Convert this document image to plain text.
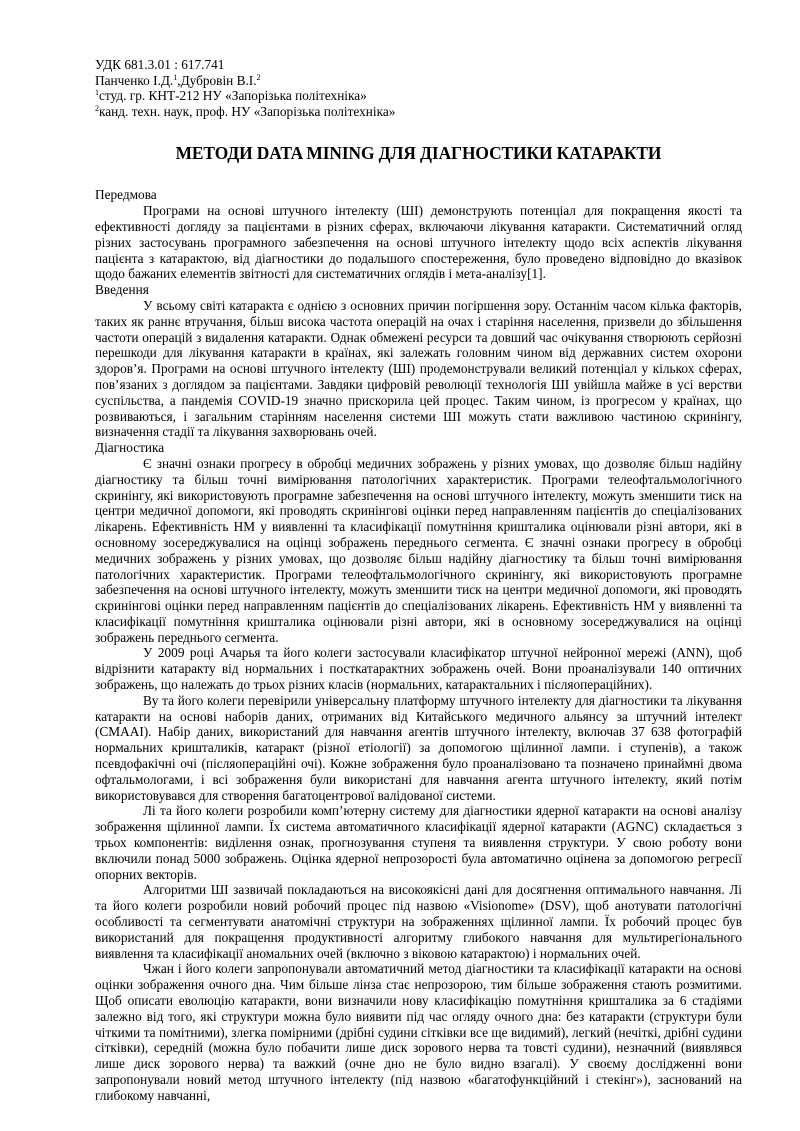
УДК 681.3.01 : 617.741
Панченко І.Д.$^1$,Дубровін В.І.$^2$
$^1$студ. гр. КНТ-212 НУ «Запорізька політехніка»
$^2$канд. техн. наук, проф. НУ «Запорізька політехніка»
МЕТОДИ DATA MINING ДЛЯ ДІАГНОСТИКИ КАТАРАКТИ
Передмова

Програми на основі штучного інтелекту (ШІ) демонструють потенціал для покращення якості та ефективності догляду за пацієнтами в різних сферах, включаючи лікування катаракти. Систематичний огляд різних застосувань програмного забезпечення на основі штучного інтелекту щодо всіх аспектів лікування пацієнта з катарактою, від діагностики до подальшого спостереження, було проведено відповідно до вказівок щодо бажаних елементів звітності для систематичних оглядів і мета-аналізу[1].

Введення

У всьому світі катаракта є однією з основних причин погіршення зору. Останнім часом кілька факторів, таких як раннє втручання, більш висока частота операцій на очах і старіння населення, призвели до збільшення частоти операцій з видалення катаракти. Однак обмежені ресурси та довший час очікування створюють серйозні перешкоди для лікування катаракти в країнах, які залежать головним чином від державних систем охорони здоров’я. Програми на основі штучного інтелекту (ШІ) продемонстрували великий потенціал у кількох сферах, пов’язаних з доглядом за пацієнтами. Завдяки цифровій революції технологія ШІ увійшла майже в усі верстви суспільства, а пандемія COVID-19 значно прискорила цей процес. Таким чином, із прогресом у країнах, що розвиваються, і загальним старінням населення системи ШІ можуть стати важливою частиною скринінгу, визначення стадії та лікування захворювань очей.

Діагностика

Є значні ознаки прогресу в обробці медичних зображень у різних умовах, що дозволяє більш надійну діагностику та більш точні вимірювання патологічних характеристик. Програми телеофтальмологічного скринінгу, які використовують програмне забезпечення на основі штучного інтелекту, можуть зменшити тиск на центри медичної допомоги, які проводять скринінгові оцінки перед направленням пацієнтів до спеціалізованих лікарень. Ефективність НМ у виявленні та класифікації помутніння кришталика оцінювали різні автори, які в основному зосереджувалися на оцінці зображень переднього сегмента. Є значні ознаки прогресу в обробці медичних зображень у різних умовах, що дозволяє більш надійну діагностику та більш точні вимірювання патологічних характеристик. Програми телеофтальмологічного скринінгу, які використовують програмне забезпечення на основі штучного інтелекту, можуть зменшити тиск на центри медичної допомоги, які проводять скринінгові оцінки перед направленням пацієнтів до спеціалізованих лікарень. Ефективність НМ у виявленні та класифікації помутніння кришталика оцінювали різні автори, які в основному зосереджувалися на оцінці зображень переднього сегмента.

У 2009 році Ачарья та його колеги застосували класифікатор штучної нейронної мережі (ANN), щоб відрізнити катаракту від нормальних і посткатарактних зображень очей. Вони проаналізували 140 оптичних зображень, що належать до трьох різних класів (нормальних, катарактальних і післяопераційних).

Ву та його колеги перевірили універсальну платформу штучного інтелекту для діагностики та лікування катаракти на основі наборів даних, отриманих від Китайського медичного альянсу за штучний інтелект (CMAAI). Набір даних, використаний для навчання агентів штучного інтелекту, включав 37 638 фотографій нормальних кришталиків, катаракт (різної етіології) за допомогою щілинної лампи. і ступенів), а також псевдофакічні очі (післяопераційні очі). Кожне зображення було проаналізовано та позначено принаймні двома офтальмологами, і всі зображення були використані для навчання агента штучного інтелекту, який потім використовувався для створення багатоцентрової валідованої системи.

Лі та його колеги розробили комп’ютерну систему для діагностики ядерної катаракти на основі аналізу зображення щілинної лампи. Їх система автоматичного класифікації ядерної катаракти (AGNC) складається з трьох компонентів: виділення ознак, прогнозування ступеня та виявлення структури. У свою роботу вони включили понад 5000 зображень. Оцінка ядерної непрозорості була автоматично оцінена за допомогою регресії опорних векторів.

Алгоритми ШІ зазвичай покладаються на високоякісні дані для досягнення оптимального навчання. Лі та його колеги розробили новий робочий процес під назвою «Visionome» (DSV), щоб анотувати патологічні особливості та сегментувати анатомічні структури на зображеннях щілинної лампи. Їх робочий процес був використаний для покращення продуктивності алгоритму глибокого навчання для мультирегіонального виявлення та класифікації аномальних очей (включно з віковою катарактою) і нормальних очей.

Чжан і його колеги запропонували автоматичний метод діагностики та класифікації катаракти на основі оцінки зображення очного дна. Чим більше лінза стає непрозорою, тим більше зображення стають розмитими. Щоб описати еволюцію катаракти, вони визначили нову класифікацію помутніння кришталика за 6 стадіями залежно від того, які структури можна було виявити під час огляду очного дна: без катаракти (структури були чіткими та помітними), злегка помірними (дрібні судини сітківки все ще видимий), легкий (нечіткі, дрібні судини сітківки), середній (можна було побачити лише диск зорового нерва та товсті судини), незначний (виявлявся лише диск зорового нерва) та важкий (очне дно не було видно взагалі). У своєму дослідженні вони запропонували новий метод штучного інтелекту (під назвою «багатофункційний і стекінг»), заснований на глибокому навчанні,
